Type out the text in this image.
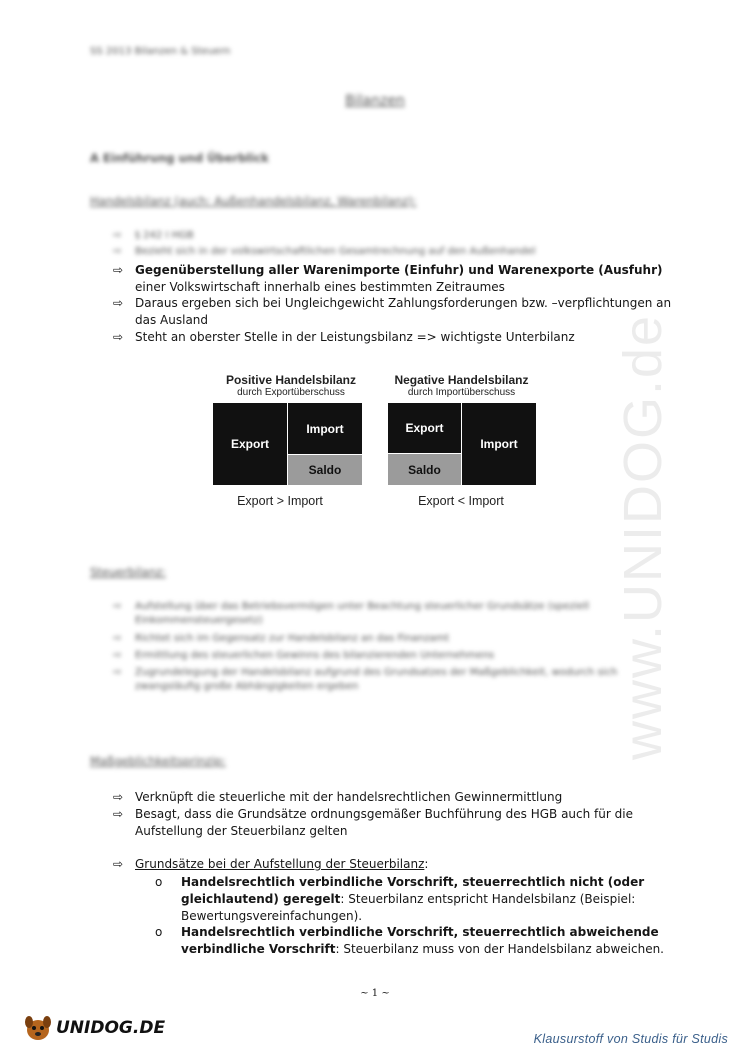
www.UNIDOG.de
SS 2013 Bilanzen & Steuern
Bilanzen
A Einführung und Überblick
Handelsbilanz (auch: Außenhandelsbilanz, Warenbilanz):
⇨	§ 242 I HGB
⇨	Bezieht sich in der volkswirtschaftlichen Gesamtrechnung auf den Außenhandel
⇨ Gegenüberstellung aller Warenimporte (Einfuhr) und Warenexporte (Ausfuhr) einer Volkswirtschaft innerhalb eines bestimmten Zeitraumes
⇨ Daraus ergeben sich bei Ungleichgewicht Zahlungsforderungen bzw. –verpflichtungen an das Ausland
⇨ Steht an oberster Stelle in der Leistungsbilanz => wichtigste Unterbilanz
Positive Handelsbilanz
durch Exportüberschuss
Export
Import
Saldo
Export > Import
Negative Handelsbilanz
durch Importüberschuss
Export
Saldo
Import
Export < Import
Steuerbilanz:
⇨	Aufstellung über das Betriebsvermögen unter Beachtung steuerlicher Grundsätze (speziell Einkommensteuergesetz)
⇨	Richtet sich im Gegensatz zur Handelsbilanz an das Finanzamt
⇨	Ermittlung des steuerlichen Gewinns des bilanzierenden Unternehmens
⇨	Zugrundelegung der Handelsbilanz aufgrund des Grundsatzes der Maßgeblichkeit, wodurch sich zwangsläufig große Abhängigkeiten ergeben
Maßgeblichkeitsprinzip:
⇨ Verknüpft die steuerliche mit der handelsrechtlichen Gewinnermittlung
⇨ Besagt, dass die Grundsätze ordnungsgemäßer Buchführung des HGB auch für die Aufstellung der Steuerbilanz gelten
⇨ Grundsätze bei der Aufstellung der Steuerbilanz:
o Handelsrechtlich verbindliche Vorschrift, steuerrechtlich nicht (oder gleichlautend) geregelt: Steuerbilanz entspricht Handelsbilanz (Beispiel: Bewertungsvereinfachungen).
o Handelsrechtlich verbindliche Vorschrift, steuerrechtlich abweichende verbindliche Vorschrift: Steuerbilanz muss von der Handelsbilanz abweichen.
~ 1 ~
UNIDOG.DE
Klausurstoff von Studis für Studis
